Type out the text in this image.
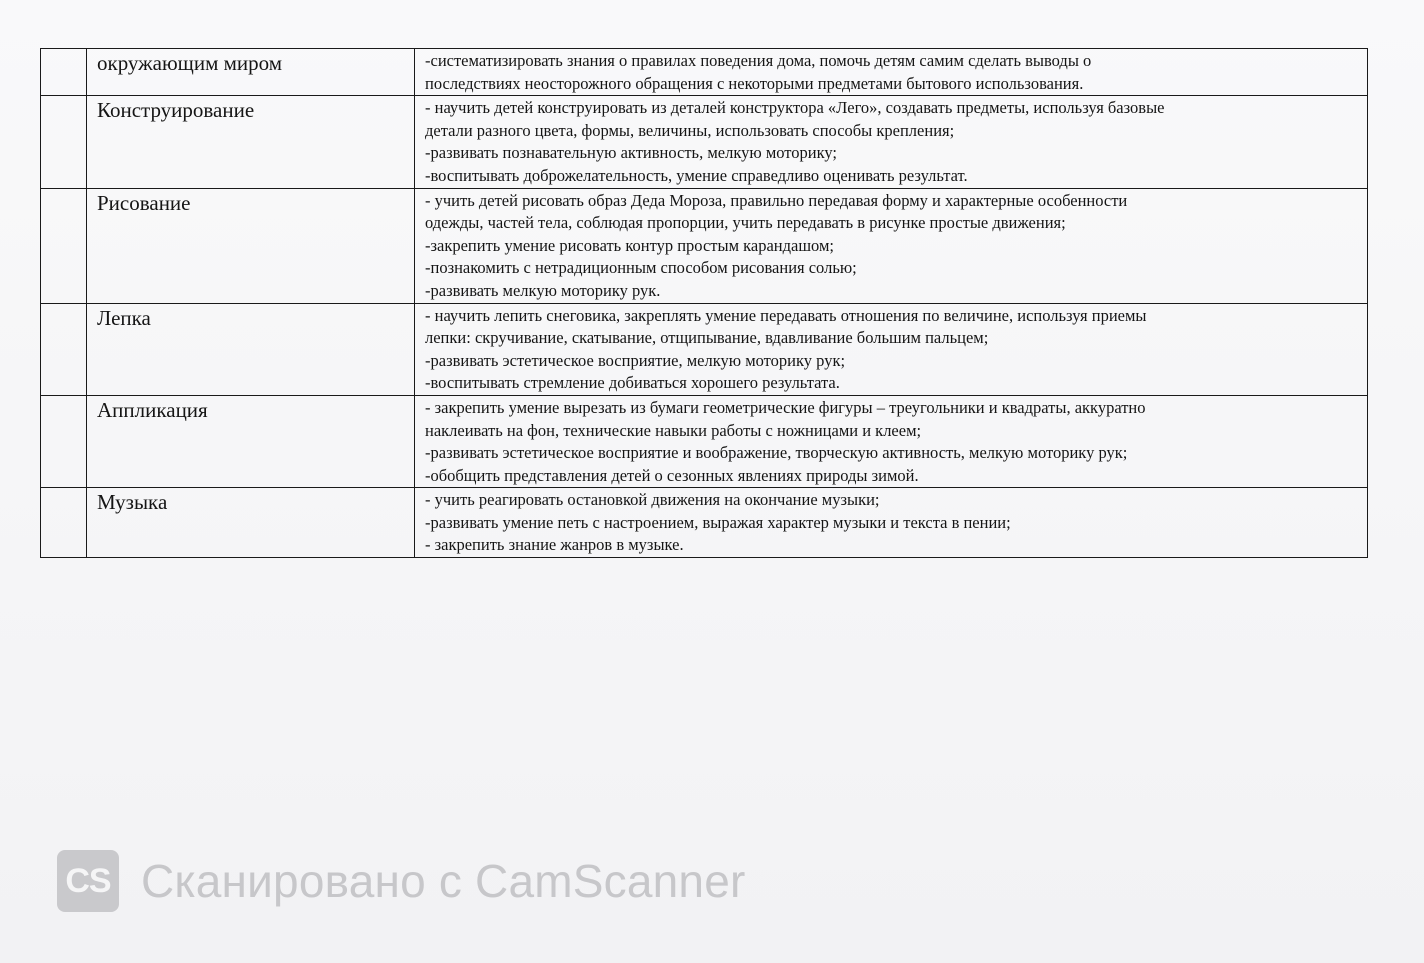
	окружающим миром	-систематизировать знания о правилах поведения дома, помочь детям самим сделать выводы о
последствиях неосторожного обращения с некоторыми предметами бытового использования.

	Конструирование	- научить детей конструировать из деталей конструктора «Лего», создавать предметы, используя базовые
детали разного цвета, формы, величины, использовать способы крепления;
-развивать познавательную активность, мелкую моторику;
-воспитывать доброжелательность, умение справедливо оценивать результат.

	Рисование	- учить детей рисовать образ Деда Мороза, правильно передавая форму и характерные особенности
одежды, частей тела, соблюдая пропорции, учить передавать в рисунке простые движения;
-закрепить умение рисовать контур простым карандашом;
-познакомить с нетрадиционным способом рисования солью;
-развивать мелкую моторику рук.

	Лепка	- научить лепить снеговика, закреплять умение передавать отношения по величине, используя приемы
лепки: скручивание, скатывание, отщипывание, вдавливание большим пальцем;
-развивать эстетическое восприятие, мелкую моторику рук;
-воспитывать стремление добиваться хорошего результата.

	Аппликация	- закрепить умение вырезать из бумаги геометрические фигуры – треугольники и квадраты, аккуратно
наклеивать на фон, технические навыки работы с ножницами и клеем;
-развивать эстетическое восприятие и воображение, творческую активность, мелкую моторику рук;
-обобщить представления детей о сезонных явлениях природы зимой.

	Музыка	- учить реагировать остановкой движения на окончание музыки;
-развивать умение петь с настроением, выражая характер музыки и текста в пении;
- закрепить знание жанров в музыке.
CS Сканировано с CamScanner
